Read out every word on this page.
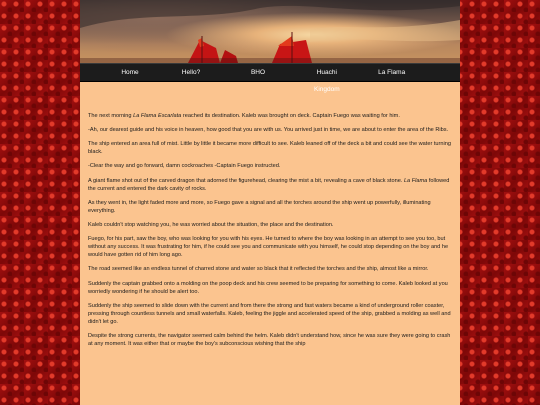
Home	Hello?	BHO	Huachi Kingdom
La Flama

The next morning La Flama Escarlata reached its destination. Kaleb was brought on deck. Captain Fuego was waiting for him.

-Ah, our dearest guide and his voice in heaven, how good that you are with us. You arrived just in time, we are about to enter the area of the Ribs.

The ship entered an area full of mist. Little by little it became more difficult to see. Kaleb leaned off of the deck a bit and could see the water turning black.

-Clear the way and go forward, damn cockroaches -Captain Fuego instructed.

A giant flame shot out of the carved dragon that adorned the figurehead, clearing the mist a bit, revealing a cave of black stone. La Flama followed the current and entered the dark cavity of rocks.

As they went in, the light faded more and more, so Fuego gave a signal and all the torches around the ship went up powerfully, illuminating everything.

Kaleb couldn't stop watching you, he was worried about the situation, the place and the destination.

Fuego, for his part, saw the boy, who was looking for you with his eyes. He turned to where the boy was looking in an attempt to see you too, but without any success. It was frustrating for him, if he could see you and communicate with you himself, he could stop depending on the boy and he would have gotten rid of him long ago.

The road seemed like an endless tunnel of charred stone and water so black that it reflected the torches and the ship, almost like a mirror.

Suddenly the captain grabbed onto a molding on the poop deck and his crew seemed to be preparing for something to come. Kaleb looked at you worriedly wondering if he should be alert too.

Suddenly the ship seemed to slide down with the current and from there the strong and fast waters became a kind of underground roller coaster, pressing through countless tunnels and small waterfalls. Kaleb, feeling the jiggle and accelerated speed of the ship, grabbed a molding as well and didn't let go.

Despite the strong currents, the navigator seemed calm behind the helm. Kaleb didn't understand how, since he was sure they were going to crash at any moment. It was either that or maybe the boy's subconscious wishing that the ship
